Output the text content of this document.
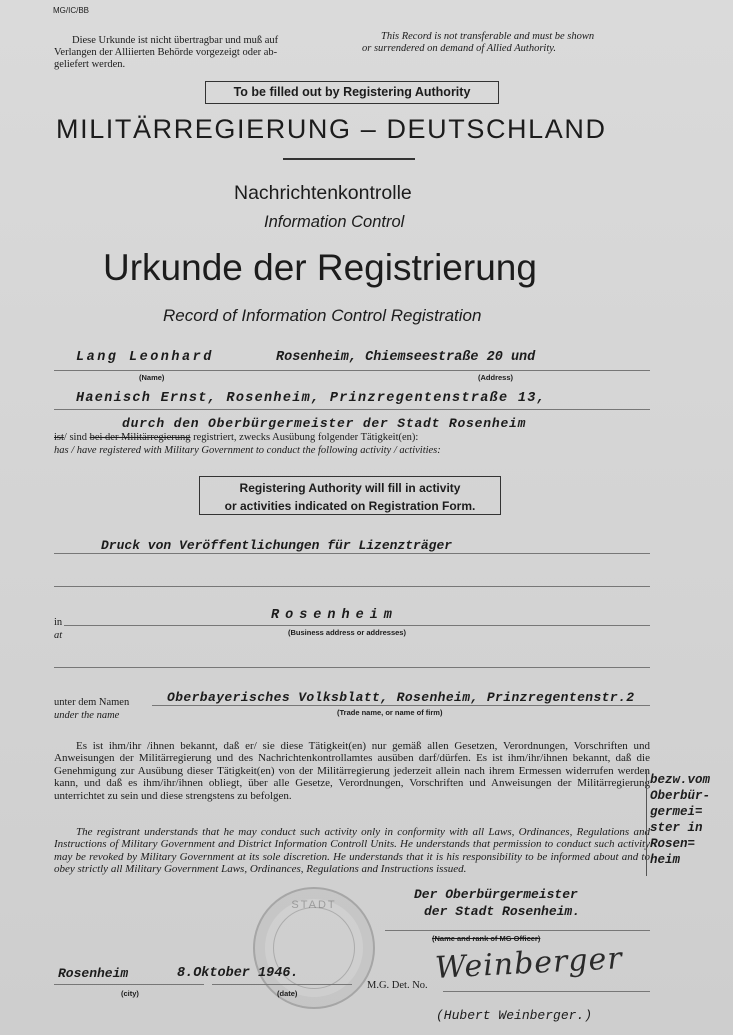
MG/IC/BB
Diese Urkunde ist nicht übertragbar und muß auf
Verlangen der Alliierten Behörde vorgezeigt oder ab-
geliefert werden.
This Record is not transferable and must be shown
or surrendered on demand of Allied Authority.
To be filled out by Registering Authority
MILITÄRREGIERUNG – DEUTSCHLAND
Nachrichtenkontrolle
Information Control
Urkunde der Registrierung
Record of Information Control Registration
Lang Leonhard	Rosenheim, Chiemseestraße 20 und
(Name)	(Address)
Haenisch Ernst, Rosenheim, Prinzregentenstraße 13,
durch den Oberbürgermeister der Stadt Rosenheim
ist/ sind bei der Militärregierung registriert, zwecks Ausübung folgender Tätigkeit(en):
has / have registered with Military Government to conduct the following activity / activities:
Registering Authority will fill in activity
or activities indicated on Registration Form.
Druck von Veröffentlichungen für Lizenzträger
in
at
Rosenheim
(Business address or addresses)
unter dem Namen
under the name
Oberbayerisches Volksblatt, Rosenheim, Prinzregentenstr.2
(Trade name, or name of firm)
Es ist ihm/ihr /ihnen bekannt, daß er/ sie diese Tätigkeit(en) nur gemäß allen Gesetzen, Verordnungen, Vorschriften und Anweisungen der Militärregierung und des Nachrichtenkontrollamtes ausüben darf/dürfen. Es ist ihm/ihr/ihnen bekannt, daß die Genehmigung zur Ausübung dieser Tätigkeit(en) von der Militärregierung jederzeit allein nach ihrem Ermessen widerrufen werden kann, und daß es ihm/ihr/ihnen obliegt, über alle Gesetze, Verordnungen, Vorschriften und Anweisungen der Militärregierung unterrichtet zu sein und diese strengstens zu befolgen.
The registrant understands that he may conduct such activity only in conformity with all Laws, Ordinances, Regulations and Instructions of Military Government and District Information Controll Units. He understands that permission to conduct such activity may be revoked by Military Government at its sole discretion. He understands that it is his responsibility to be informed about and to obey strictly all Military Government Laws, Ordinances, Regulations and Instructions issued.
bezw.vom
Oberbür-
germei=
ster in
Rosen=
heim
STADT
Der Oberbürgermeister
der Stadt Rosenheim.
(Name and rank of MG Officer)
Rosenheim
(city)
8.Oktober 1946.
(date)
M.G. Det. No. Weinberger
(Hubert Weinberger.)
